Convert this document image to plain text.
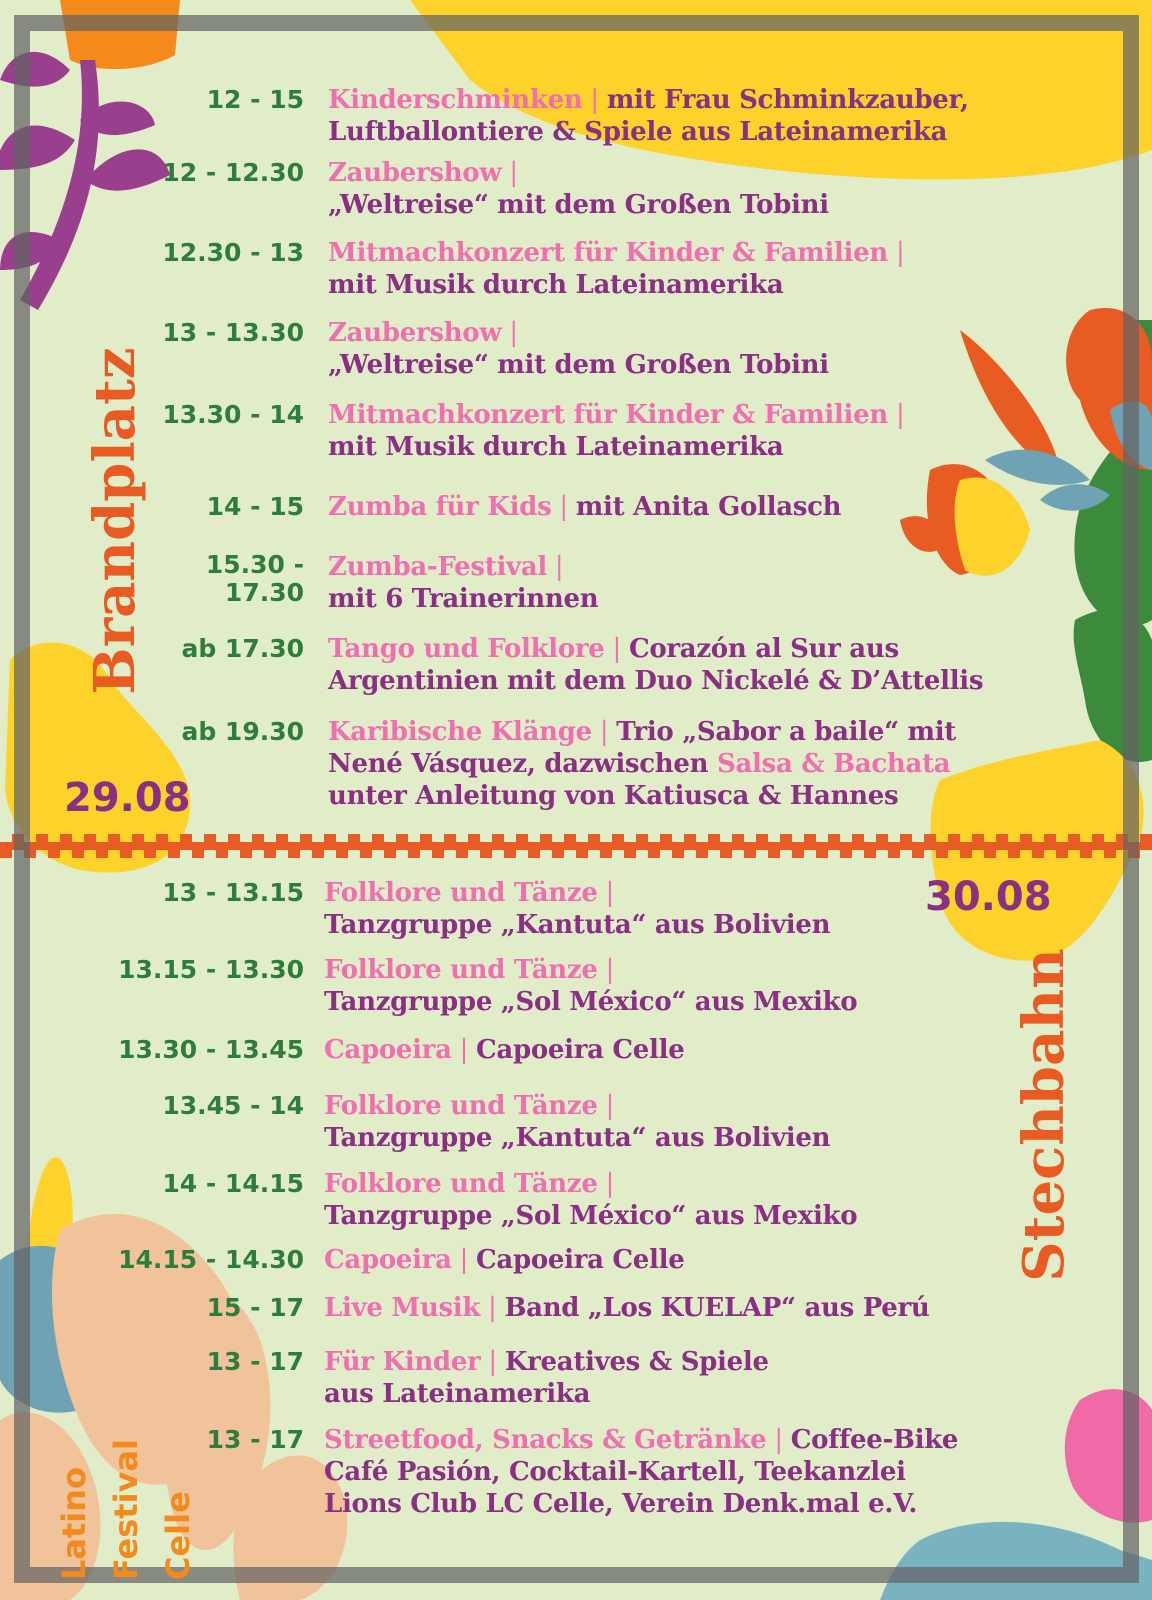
Brandplatz
29.08
Stechbahn
30.08
12 - 15 Kinderschminken | mit Frau Schminkzauber,
Luftballontiere & Spiele aus Lateinamerika
12 - 12.30 Zaubershow |
„Weltreise“ mit dem Großen Tobini
12.30 - 13 Mitmachkonzert für Kinder & Familien |
mit Musik durch Lateinamerika
13 - 13.30 Zaubershow |
„Weltreise“ mit dem Großen Tobini
13.30 - 14 Mitmachkonzert für Kinder & Familien |
mit Musik durch Lateinamerika
14 - 15 Zumba für Kids | mit Anita Gollasch
15.30 -
17.30
Zumba-Festival |
mit 6 Trainerinnen
ab 17.30 Tango und Folklore | Corazón al Sur aus
Argentinien mit dem Duo Nickelé & D’Attellis
ab 19.30 Karibische Klänge | Trio „Sabor a baile“ mit
Nené Vásquez, dazwischen Salsa & Bachata
unter Anleitung von Katiusca & Hannes
13 - 13.15 Folklore und Tänze |
Tanzgruppe „Kantuta“ aus Bolivien
13.15 - 13.30 Folklore und Tänze |
Tanzgruppe „Sol México“ aus Mexiko
13.30 - 13.45 Capoeira | Capoeira Celle
13.45 - 14 Folklore und Tänze |
Tanzgruppe „Kantuta“ aus Bolivien
14 - 14.15 Folklore und Tänze |
Tanzgruppe „Sol México“ aus Mexiko
14.15 - 14.30 Capoeira | Capoeira Celle
15 - 17 Live Musik | Band „Los KUELAP“ aus Perú
13 - 17 Für Kinder | Kreatives & Spiele
aus Lateinamerika
13 - 17 Streetfood, Snacks & Getränke | Coffee-Bike
Café Pasión, Cocktail-Kartell, Teekanzlei
Lions Club LC Celle, Verein Denk.mal e.V.
Latino Festival Celle
